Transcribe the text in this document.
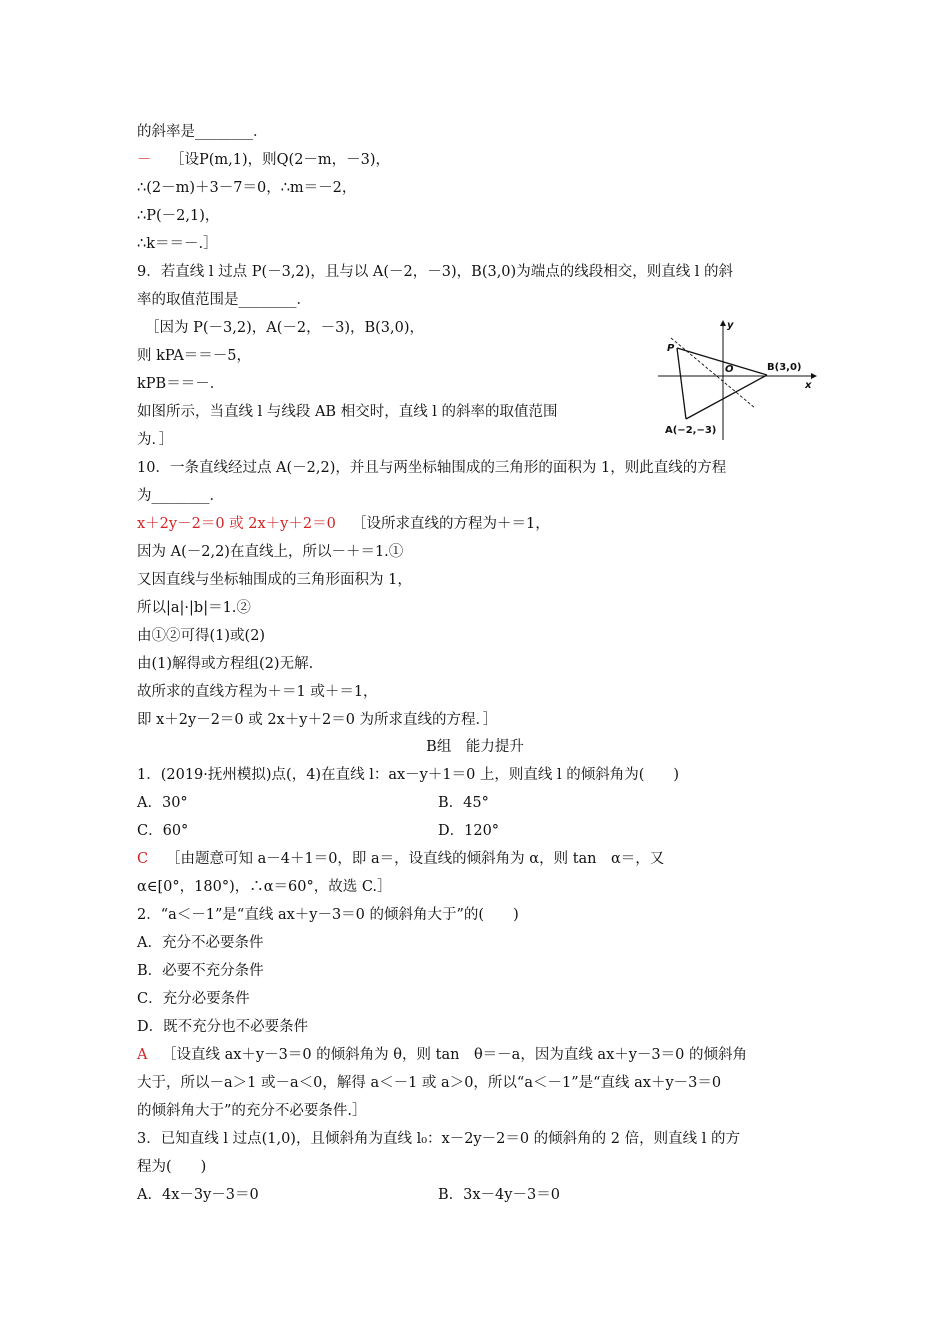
的斜率是________．
－ ［设P(m,1)，则Q(2－m，－3)，
∴(2－m)＋3－7＝0，∴m＝－2，
∴P(－2,1)，
∴k＝＝－.］
9．若直线 l 过点 P(－3,2)，且与以 A(－2，－3)，B(3,0)为端点的线段相交，则直线 l 的斜
率的取值范围是________．
［因为 P(－3,2)，A(－2，－3)，B(3,0)，
则 kPA＝＝－5，
kPB＝＝－．
如图所示，当直线 l 与线段 AB 相交时，直线 l 的斜率的取值范围
为．］
y
x
P
O	B(3,0)
A(−2,−3)
10．一条直线经过点 A(－2,2)，并且与两坐标轴围成的三角形的面积为 1，则此直线的方程
为________．
x＋2y－2＝0 或 2x＋y＋2＝0 ［设所求直线的方程为＋＝1，
因为 A(－2,2)在直线上，所以－＋＝1.①
又因直线与坐标轴围成的三角形面积为 1，
所以|a|·|b|＝1.②
由①②可得(1)或(2)
由(1)解得或方程组(2)无解.
故所求的直线方程为＋＝1 或＋＝1，
即 x＋2y－2＝0 或 2x＋y＋2＝0 为所求直线的方程．］
B组　能力提升
1．(2019·抚州模拟)点(，4)在直线 l：ax－y＋1＝0 上，则直线 l 的倾斜角为(　　)
A．30°	B．45°
C．60°	D．120°
C ［由题意可知 a－4＋1＝0，即 a＝，设直线的倾斜角为 α，则 tan　α＝，又
α∈[0°，180°)，∴α＝60°，故选 C.］
2．“a＜－1”是“直线 ax＋y－3＝0 的倾斜角大于”的(　　)
A．充分不必要条件
B．必要不充分条件
C．充分必要条件
D．既不充分也不必要条件
A ［设直线 ax＋y－3＝0 的倾斜角为 θ，则 tan　θ＝－a，因为直线 ax＋y－3＝0 的倾斜角
大于，所以－a＞1 或－a＜0，解得 a＜－1 或 a＞0，所以“a＜－1”是“直线 ax＋y－3＝0
的倾斜角大于”的充分不必要条件.］
3．已知直线 l 过点(1,0)，且倾斜角为直线 l₀：x－2y－2＝0 的倾斜角的 2 倍，则直线 l 的方
程为(　　)
A．4x－3y－3＝0	B．3x－4y－3＝0
